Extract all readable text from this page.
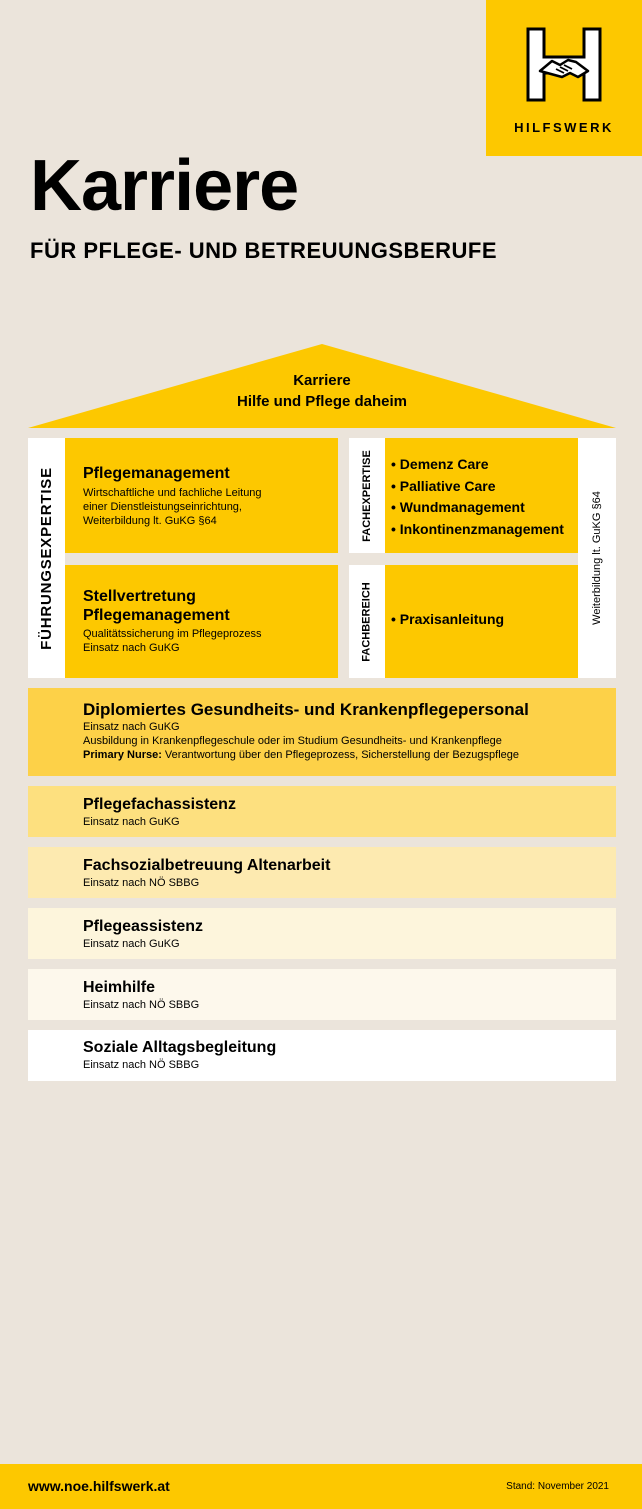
HILFSWERK
Karriere
FÜR PFLEGE- UND BETREUUNGSBERUFE
Karriere
Hilfe und Pflege daheim
FÜHRUNGSEXPERTISE Pflegemanagement
Wirtschaftliche und fachliche Leitung
einer Dienstleistungseinrichtung,
Weiterbildung lt. GuKG §64
Stellvertretung
Pflegemanagement
Qualitätssicherung im Pflegeprozess
Einsatz nach GuKG
FACHEXPERTISE	• Demenz Care
• Palliative Care
• Wundmanagement
• Inkontinenzmanagement
FACHBEREICH	• Praxisanleitung	Weiterbildung lt. GuKG §64
Diplomiertes Gesundheits- und Krankenpflegepersonal
Einsatz nach GuKG
Ausbildung in Krankenpflegeschule oder im Studium Gesundheits- und Krankenpflege
Primary Nurse: Verantwortung über den Pflegeprozess, Sicherstellung der Bezugspflege
Pflegefachassistenz
Einsatz nach GuKG
Fachsozialbetreuung Altenarbeit
Einsatz nach NÖ SBBG
Pflegeassistenz
Einsatz nach GuKG
Heimhilfe
Einsatz nach NÖ SBBG
Soziale Alltagsbegleitung
Einsatz nach NÖ SBBG
www.noe.hilfswerk.at	Stand: November 2021
